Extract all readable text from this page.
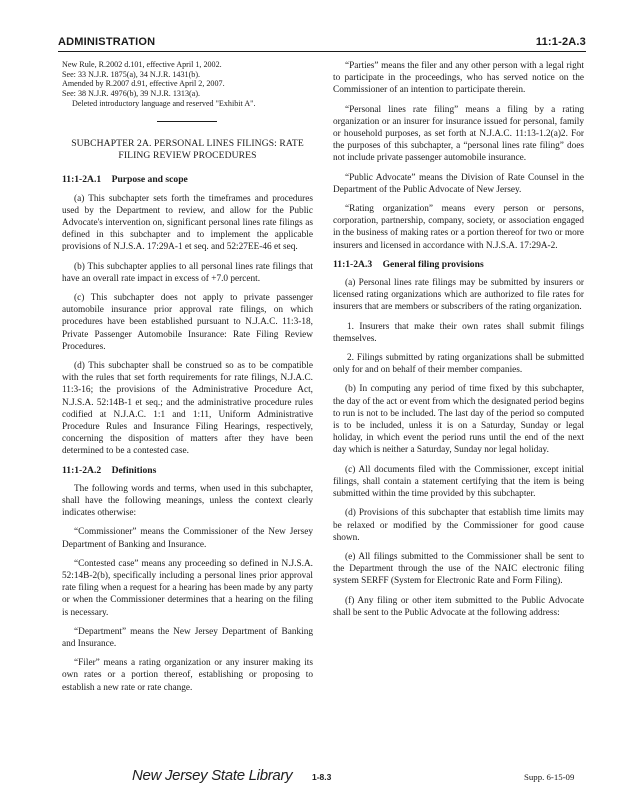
ADMINISTRATION	11:1-2A.3
New Rule, R.2002 d.101, effective April 1, 2002.
See: 33 N.J.R. 1875(a), 34 N.J.R. 1431(b).
Amended by R.2007 d.91, effective April 2, 2007.
See: 38 N.J.R. 4976(b), 39 N.J.R. 1313(a).
Deleted introductory language and reserved "Exhibit A".
SUBCHAPTER 2A. PERSONAL LINES FILINGS: RATE
FILING REVIEW PROCEDURES
11:1-2A.1 Purpose and scope

(a) This subchapter sets forth the timeframes and procedures used by the Department to review, and allow for the Public Advocate's intervention on, significant personal lines rate filings as defined in this subchapter and to implement the applicable provisions of N.J.S.A. 17:29A-1 et seq. and 52:27EE-46 et seq.

(b) This subchapter applies to all personal lines rate filings that have an overall rate impact in excess of +7.0 percent.

(c) This subchapter does not apply to private passenger automobile insurance prior approval rate filings, on which procedures have been established pursuant to N.J.A.C. 11:3-18, Private Passenger Automobile Insurance: Rate Filing Review Procedures.

(d) This subchapter shall be construed so as to be compatible with the rules that set forth requirements for rate filings, N.J.A.C. 11:3-16; the provisions of the Administrative Procedure Act, N.J.S.A. 52:14B-1 et seq.; and the administrative procedure rules codified at N.J.A.C. 1:1 and 1:11, Uniform Administrative Procedure Rules and Insurance Filing Hearings, respectively, concerning the disposition of matters after they have been determined to be a contested case.

11:1-2A.2 Definitions

The following words and terms, when used in this subchapter, shall have the following meanings, unless the context clearly indicates otherwise:

“Commissioner” means the Commissioner of the New Jersey Department of Banking and Insurance.

“Contested case” means any proceeding so defined in N.J.S.A. 52:14B-2(b), specifically including a personal lines prior approval rate filing when a request for a hearing has been made by any party or when the Commissioner determines that a hearing on the filing is necessary.

“Department” means the New Jersey Department of Banking and Insurance.

“Filer” means a rating organization or any insurer making its own rates or a portion thereof, establishing or proposing to establish a new rate or rate change.

“Parties” means the filer and any other person with a legal right to participate in the proceedings, who has served notice on the Commissioner of an intention to participate therein.

“Personal lines rate filing” means a filing by a rating organization or an insurer for insurance issued for personal, family or household purposes, as set forth at N.J.A.C. 11:13-1.2(a)2. For the purposes of this subchapter, a “personal lines rate filing” does not include private passenger automobile insurance.

“Public Advocate” means the Division of Rate Counsel in the Department of the Public Advocate of New Jersey.

“Rating organization” means every person or persons, corporation, partnership, company, society, or association engaged in the business of making rates or a portion thereof for two or more insurers and licensed in accordance with N.J.S.A. 17:29A-2.

11:1-2A.3 General filing provisions

(a) Personal lines rate filings may be submitted by insurers or licensed rating organizations which are authorized to file rates for insurers that are members or subscribers of the rating organization.

1. Insurers that make their own rates shall submit filings themselves.

2. Filings submitted by rating organizations shall be submitted only for and on behalf of their member companies.

(b) In computing any period of time fixed by this subchapter, the day of the act or event from which the designated period begins to run is not to be included. The last day of the period so computed is to be included, unless it is on a Saturday, Sunday or legal holiday, in which event the period runs until the end of the next day which is neither a Saturday, Sunday nor legal holiday.

(c) All documents filed with the Commissioner, except initial filings, shall contain a statement certifying that the item is being submitted within the time provided by this subchapter.

(d) Provisions of this subchapter that establish time limits may be relaxed or modified by the Commissioner for good cause shown.

(e) All filings submitted to the Commissioner shall be sent to the Department through the use of the NAIC electronic filing system SERFF (System for Electronic Rate and Form Filing).

(f) Any filing or other item submitted to the Public Advocate shall be sent to the Public Advocate at the following address:

New Jersey State Library 1-8.3	Supp. 6-15-09
